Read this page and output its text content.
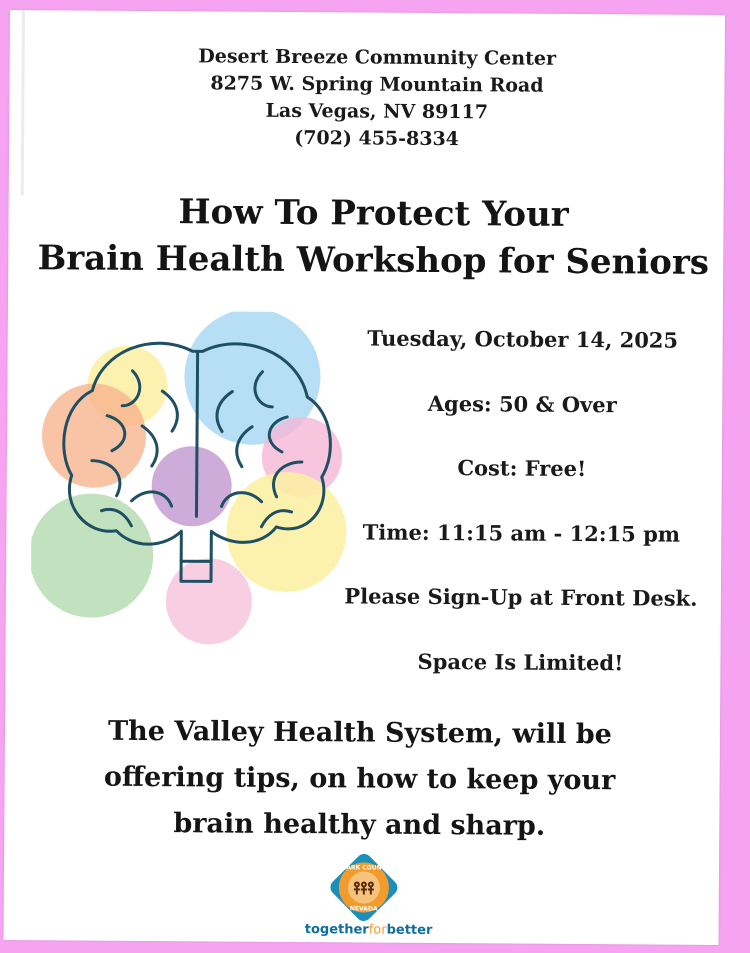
Desert Breeze Community Center
8275 W. Spring Mountain Road
Las Vegas, NV 89117
(702) 455-8334
How To Protect Your
Brain Health Workshop for Seniors
Tuesday, October 14, 2025
Ages: 50 & Over
Cost: Free!
Time: 11:15 am - 12:15 pm
Please Sign-Up at Front Desk.
Space Is Limited!
The Valley Health System, will be
offering tips, on how to keep your
brain healthy and sharp.
CLARK COUNTY
NEVADA
togetherforbetter
